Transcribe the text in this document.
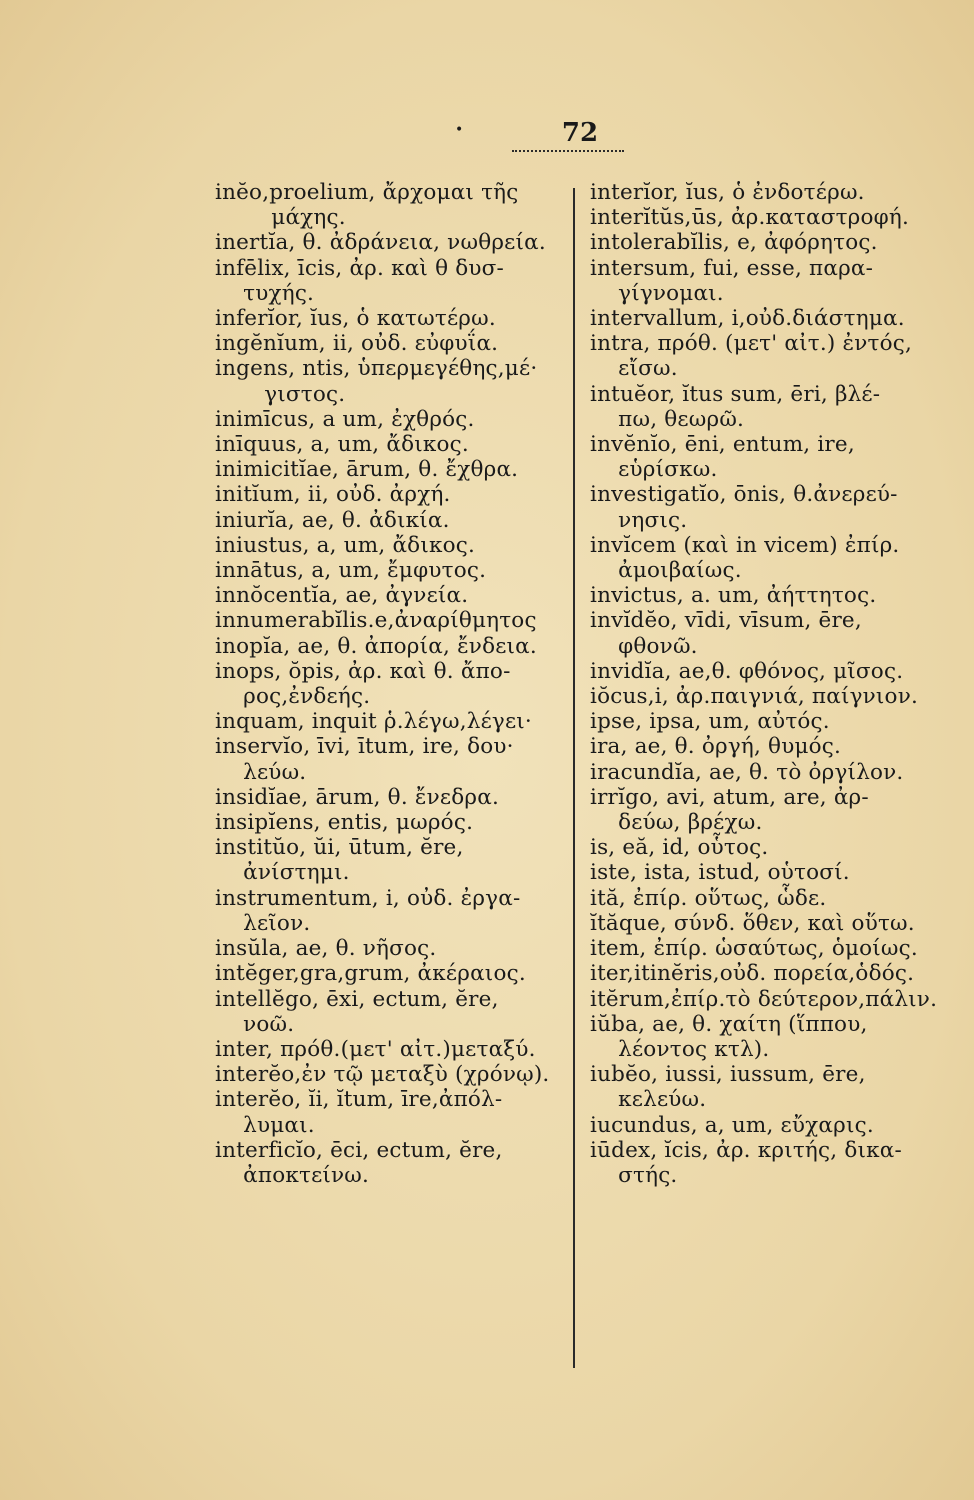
•	72

inĕo,proelium, ἄρχομαι τῆς
μάχης.

inertĭa, θ. ἀδράνεια, νωθρεία.

infēlix, īcis, ἀρ. καὶ θ δυσ-
τυχής.

inferĭor, ĭus, ὁ κατωτέρω.

ingĕnĭum, ii, οὐδ. εὐφυΐα.

ingens, ntis, ὑπερμεγέθης,μέ·
γιστος.

inimīcus, a um, ἐχθρός.

inīquus, a, um, ἄδικος.

inimicitĭae, ārum, θ. ἔχθρα.

initĭum, ii, οὐδ. ἀρχή.

iniurĭa, ae, θ. ἀδικία.

iniustus, a, um, ἄδικος.

innātus, a, um, ἔμφυτος.

innŏcentĭa, ae, ἀγνεία.

innumerabĭlis.e,ἀναρίθμητος

inopĭa, ae, θ. ἀπορία, ἔνδεια.

inops, ŏpis, ἀρ. καὶ θ. ἄπο-
ρος,ἐνδεής.

inquam, inquit ῥ.λέγω,λέγει·

inservĭo, īvi, ītum, ire, δου·
λεύω.

insidĭae, ārum, θ. ἔνεδρα.

insipĭens, entis, μωρός.

institŭo, ŭi, ūtum, ĕre,
ἀνίστημι.

instrumentum, i, οὐδ. ἐργα-
λεῖον.

insŭla, ae, θ. νῆσος.

intĕger,gra,grum, ἀκέραιος.

intellĕgo, ēxi, ectum, ĕre,
νοῶ.

inter, πρόθ.(μετ' αἰτ.)μεταξύ.

interĕo,ἐν τῷ μεταξὺ (χρόνῳ).

interĕo, ĭi, ĭtum, īre,ἀπόλ-
λυμαι.

interficĭo, ēci, ectum, ĕre,
ἀποκτείνω.

interĭor, ĭus, ὁ ἐνδοτέρω.

interĭtŭs,ūs, ἀρ.καταστροφή.

intolerabĭlis, e, ἀφόρητος.

intersum, fui, esse, παρα-
γίγνομαι.

intervallum, i,οὐδ.διάστημα.

intra, πρόθ. (μετ' αἰτ.) ἐντός,
εἴσω.

intuĕor, ĭtus sum, ēri, βλέ-
πω, θεωρῶ.

invĕnĭo, ēni, entum, ire,
εὑρίσκω.

investigatĭo, ōnis, θ.ἀνερεύ-
νησις.

invĭcem (καὶ in vicem) ἐπίρ.
ἀμοιβαίως.

invictus, a. um, ἀήττητος.

invĭdĕo, vīdi, vīsum, ēre,
φθονῶ.

invidĭa, ae,θ. φθόνος, μῖσος.

iŏcus,i, ἀρ.παιγνιά, παίγνιον.

ipse, ipsa, um, αὐτός.

ira, ae, θ. ὀργή, θυμός.

iracundĭa, ae, θ. τὸ ὀργίλον.

irrĭgo, avi, atum, are, ἀρ-
δεύω, βρέχω.

is, eă, id, οὗτος.

iste, ista, istud, οὑτοσί.

ită, ἐπίρ. οὕτως, ὧδε.

ĭtăque, σύνδ. ὅθεν, καὶ οὕτω.

item, ἐπίρ. ὡσαύτως, ὁμοίως.

iter,itinĕris,οὐδ. πορεία,ὁδός.

itĕrum,ἐπίρ.τὸ δεύτερον,πάλιν.

iŭba, ae, θ. χαίτη (ἵππου,
λέοντος κτλ).

iubĕo, iussi, iussum, ēre,
κελεύω.

iucundus, a, um, εὔχαρις.

iūdex, ĭcis, ἀρ. κριτής, δικα-
στής.
